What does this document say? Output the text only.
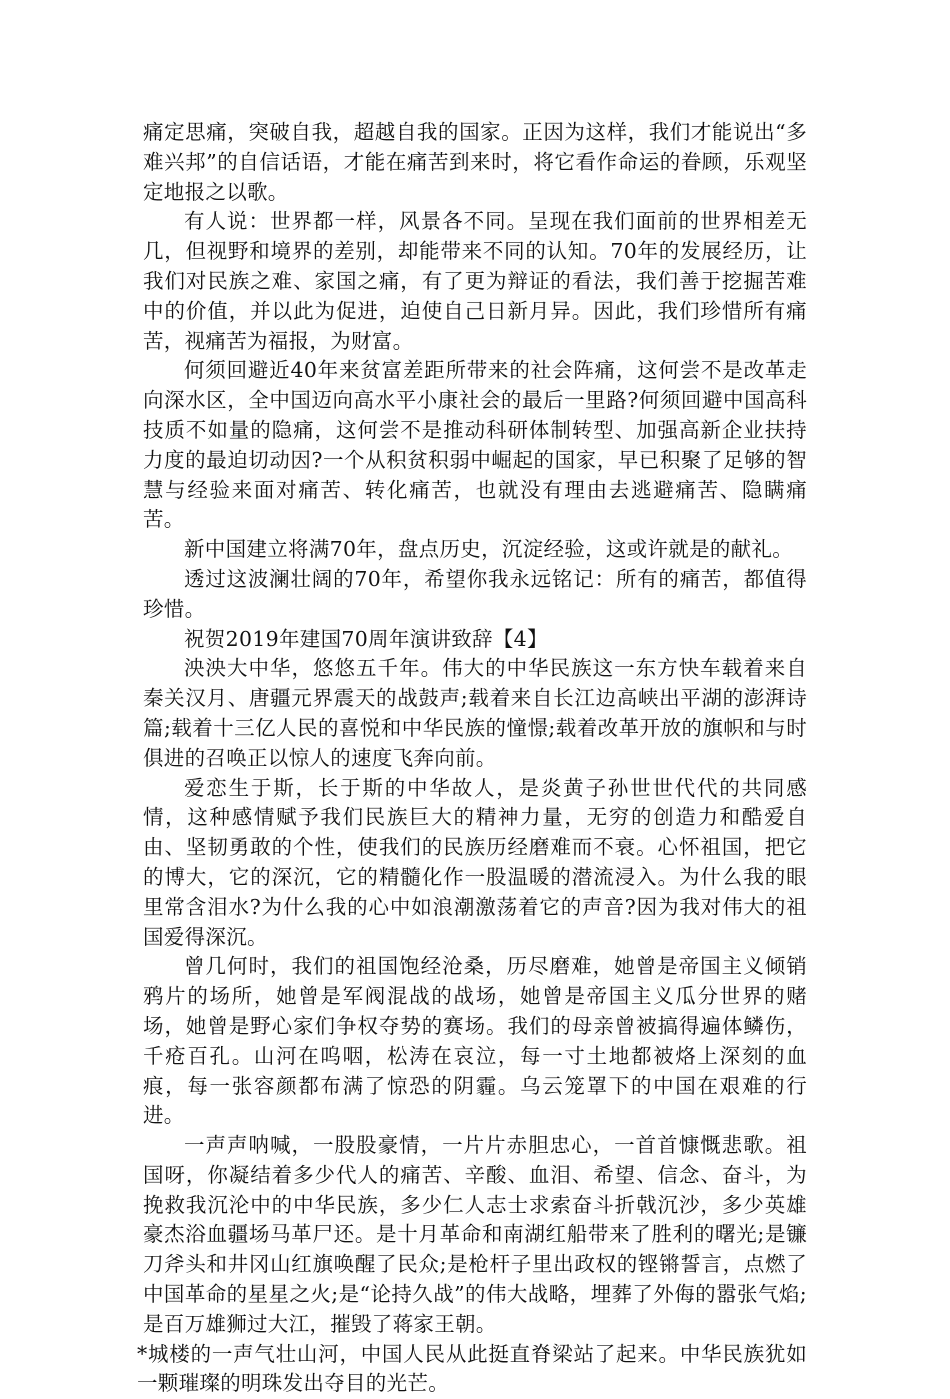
痛定思痛，突破自我，超越自我的国家。正因为这样，我们才能说出“多难兴邦”的自信话语，才能在痛苦到来时，将它看作命运的眷顾，乐观坚定地报之以歌。

有人说：世界都一样，风景各不同。呈现在我们面前的世界相差无几，但视野和境界的差别，却能带来不同的认知。70年的发展经历，让我们对民族之难、家国之痛，有了更为辩证的看法，我们善于挖掘苦难中的价值，并以此为促进，迫使自己日新月异。因此，我们珍惜所有痛苦，视痛苦为福报，为财富。

何须回避近40年来贫富差距所带来的社会阵痛，这何尝不是改革走向深水区，全中国迈向高水平小康社会的最后一里路?何须回避中国高科技质不如量的隐痛，这何尝不是推动科研体制转型、加强高新企业扶持力度的最迫切动因?一个从积贫积弱中崛起的国家，早已积聚了足够的智慧与经验来面对痛苦、转化痛苦，也就没有理由去逃避痛苦、隐瞒痛苦。

新中国建立将满70年，盘点历史，沉淀经验，这或许就是的献礼。

透过这波澜壮阔的70年，希望你我永远铭记：所有的痛苦，都值得珍惜。

祝贺2019年建国70周年演讲致辞【4】

泱泱大中华，悠悠五千年。伟大的中华民族这一东方快车载着来自秦关汉月、唐疆元界震天的战鼓声;载着来自长江边高峡出平湖的澎湃诗篇;载着十三亿人民的喜悦和中华民族的憧憬;载着改革开放的旗帜和与时俱进的召唤正以惊人的速度飞奔向前。

爱恋生于斯，长于斯的中华故人，是炎黄子孙世世代代的共同感情，这种感情赋予我们民族巨大的精神力量，无穷的创造力和酷爱自由、坚韧勇敢的个性，使我们的民族历经磨难而不衰。心怀祖国，把它的博大，它的深沉，它的精髓化作一股温暖的潜流浸入。为什么我的眼里常含泪水?为什么我的心中如浪潮激荡着它的声音?因为我对伟大的祖国爱得深沉。

曾几何时，我们的祖国饱经沧桑，历尽磨难，她曾是帝国主义倾销鸦片的场所，她曾是军阀混战的战场，她曾是帝国主义瓜分世界的赌场，她曾是野心家们争权夺势的赛场。我们的母亲曾被搞得遍体鳞伤，千疮百孔。山河在呜咽，松涛在哀泣，每一寸土地都被烙上深刻的血痕，每一张容颜都布满了惊恐的阴霾。乌云笼罩下的中国在艰难的行进。

一声声呐喊，一股股豪情，一片片赤胆忠心，一首首慷慨悲歌。祖国呀，你凝结着多少代人的痛苦、辛酸、血泪、希望、信念、奋斗，为挽救我沉沦中的中华民族，多少仁人志士求索奋斗折戟沉沙，多少英雄豪杰浴血疆场马革尸还。是十月革命和南湖红船带来了胜利的曙光;是镰刀斧头和井冈山红旗唤醒了民众;是枪杆子里出政权的铿锵誓言，点燃了中国革命的星星之火;是“论持久战”的伟大战略，埋葬了外侮的嚣张气焰;是百万雄狮过大江，摧毁了蒋家王朝。

*城楼的一声气壮山河，中国人民从此挺直脊梁站了起来。中华民族犹如一颗璀璨的明珠发出夺目的光芒。
